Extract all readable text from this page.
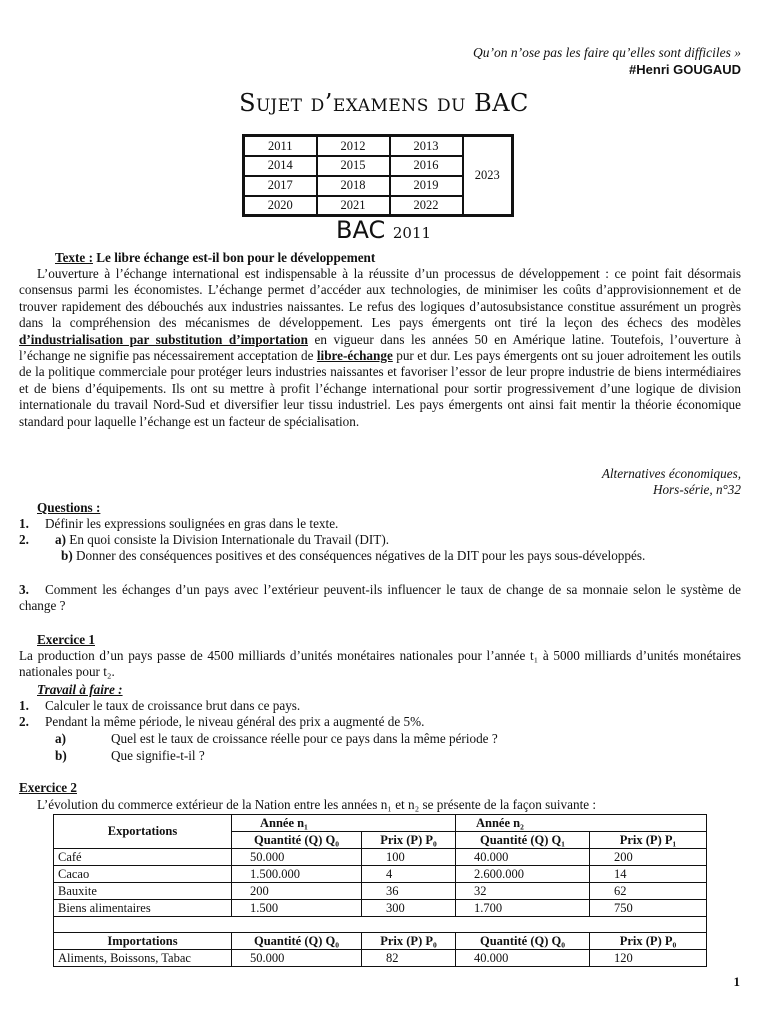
Qu’on n’ose pas les faire qu’elles sont difficiles »
#Henri GOUGAUD
Sujet d’examens du BAC
2011	2012	2013	2023
2014	2015	2016	
2017	2018	2019	
2020	2021	2022	
BAC 2011
Texte : Le libre échange est-il bon pour le développement
L’ouverture à l’échange international est indispensable à la réussite d’un processus de développement : ce point fait désormais consensus parmi les économistes. L’échange permet d’accéder aux technologies, de minimiser les coûts d’approvisionnement et de trouver rapidement des débouchés aux industries naissantes. Le refus des logiques d’autosubsistance constitue assurément un progrès dans la compréhension des mécanismes de développement. Les pays émergents ont tiré la leçon des échecs des modèles d’industrialisation par substitution d’importation en vigueur dans les années 50 en Amérique latine. Toutefois, l’ouverture à l’échange ne signifie pas nécessairement acceptation de libre-échange pur et dur. Les pays émergents ont su jouer adroitement les outils de la politique commerciale pour protéger leurs industries naissantes et favoriser l’essor de leur propre industrie de biens intermédiaires et de biens d’équipements. Ils ont su mettre à profit l’échange international pour sortir progressivement d’une logique de division internationale du travail Nord-Sud et diversifier leur tissu industriel. Les pays émergents ont ainsi fait mentir la théorie économique standard pour laquelle l’échange est un facteur de spécialisation.
Alternatives économiques,
Hors-série, n°32
Questions :
1. Définir les expressions soulignées en gras dans le texte.
2. a) En quoi consiste la Division Internationale du Travail (DIT).
b) Donner des conséquences positives et des conséquences négatives de la DIT pour les pays sous-développés.
3. Comment les échanges d’un pays avec l’extérieur peuvent-ils influencer le taux de change de sa monnaie selon le système de change ?
Exercice 1
La production d’un pays passe de 4500 milliards d’unités monétaires nationales pour l’année t₁ à 5000 milliards d’unités monétaires nationales pour t₂.
Travail à faire :
1. Calculer le taux de croissance brut dans ce pays.
2. Pendant la même période, le niveau général des prix a augmenté de 5%.
a)	Quel est le taux de croissance réelle pour ce pays dans la même période ?
b)	Que signifie-t-il ?
Exercice 2
L’évolution du commerce extérieur de la Nation entre les années n₁ et n₂ se présente de la façon suivante :
Exportations	Année n₁		Année n₂	
	Quantité (Q) Q₀	Prix (P) P₀	Quantité (Q) Q₁	Prix (P) P₁
Café	50.000	100	40.000	200
Cacao	1.500.000	4	2.600.000	14
Bauxite	200	36	32	62
Biens alimentaires	1.500	300	1.700	750

Importations	Quantité (Q) Q₀	Prix (P) P₀	Quantité (Q) Q₀	Prix (P) P₀
Aliments, Boissons, Tabac	50.000	82	40.000	120
1
